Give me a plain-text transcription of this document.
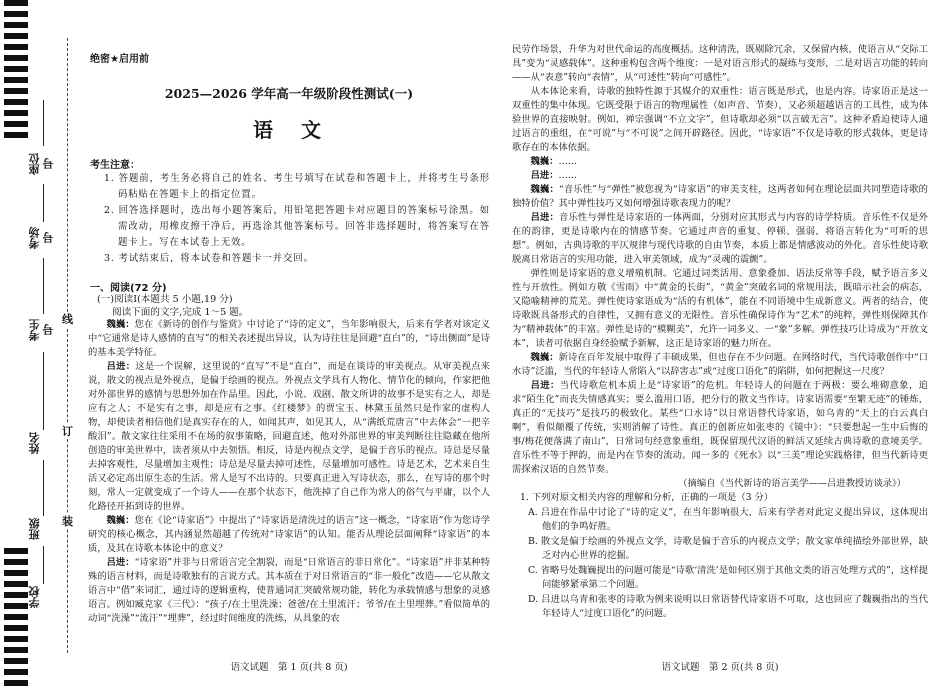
座位号
考场号
考生号
姓名
班级
学校
线
订
装
绝密★启用前
2025—2026 学年高一年级阶段性测试(一)
语　文
考生注意：
1. 答题前，考生务必将自己的姓名、考生号填写在试卷和答题卡上，并将考生号条形码粘贴在答题卡上的指定位置。
2. 回答选择题时，选出每小题答案后，用铅笔把答题卡对应题目的答案标号涂黑。如需改动，用橡皮擦干净后，再选涂其他答案标号。回答非选择题时，将答案写在答题卡上。写在本试卷上无效。
3. 考试结束后，将本试卷和答题卡一并交回。
一、阅读(72 分)
(一)阅读Ⅰ(本题共 5 小题,19 分)
阅读下面的文字,完成 1～5 题。

魏巍：您在《新诗的创作与鉴赏》中讨论了“诗的定义”，当年影响很大，后来有学者对该定义中“它通常是诗人感情的直写”的相关表述提出异议，认为诗往往是回避“直白”的，“诗出侧面”是诗的基本美学特征。

吕进：这是一个误解，这里说的“直写”不是“直白”，而是在谈诗的审美视点。从审美视点来说，散文的视点是外视点，是偏于绘画的视点。外视点文学具有人物化、情节化的倾向，作家把他对外部世界的感情与思想外加在作品里。因此，小说、戏剧、散文所讲的故事不是实有之人，却是应有之人；不是实有之事，却是应有之事。《红楼梦》的贾宝玉、林黛玉虽然只是作家的虚构人物，却使读者相信他们是真实存在的人，如闻其声，如见其人，从“满纸荒唐言”中去体会“一把辛酸泪”。散文家往往采用不在场的叙事策略，回避直述，他对外部世界的审美判断往往隐藏在他所创造的审美世界中，读者须从中去领悟。相反，诗是内视点文学，是偏于音乐的视点。诗总是尽量去掉客观性，尽量增加主观性；诗总是尽量去掉可述性，尽量增加可感性。诗是艺术，艺术来自生活又必定高出原生态的生活。常人是写不出诗的。只要真正进入写诗状态，那么，在写诗的那个时刻，常人一定就变成了一个诗人——在那个状态下，他洗掉了自己作为常人的俗气与平庸，以个人化路径开拓到诗的世界。

魏巍：您在《论“诗家语”》中提出了“诗家语是清洗过的语言”这一概念，“诗家语”作为您诗学研究的核心概念，其内涵显然超越了传统对“诗家语”的认知。能否从理论层面阐释“诗家语”的本质，及其在诗歌本体论中的意义？

吕进：“诗家语”并非与日常语言完全割裂，而是“日常语言的非日常化”。“诗家语”并非某种特殊的语言材料，而是诗歌独有的言说方式。其本质在于对日常语言的“非一般化”改造——它从散文语言中“借”来词汇，通过诗的逻辑重构，使普通词汇突破常规功能，转化为承载情感与想象的灵感语言。例如臧克家《三代》：“孩子/在土里洗澡；爸爸/在土里流汗；爷爷/在土里埋葬。”看似简单的动词“洗澡”“流汗”“埋葬”，经过时间维度的洗练，从具象的农

语文试题　第 1 页(共 8 页)

民劳作场景，升华为对世代命运的高度概括。这种清洗，既剔除冗余，又保留内核，使语言从“交际工具”变为“灵感载体”。这种重构包含两个维度：一是对语言形式的凝练与变形，二是对语言功能的转向——从“表意”转向“表情”，从“可述性”转向“可感性”。

从本体论来看，诗歌的独特性源于其媒介的双重性：语言既是形式，也是内容。诗家语正是这一双重性的集中体现。它既受限于语言的物理属性（如声音、节奏），又必须超越语言的工具性，成为体验世界的直接映射。例如，禅宗强调“不立文字”，但诗歌却必须“以言破无言”。这种矛盾迫使诗人通过语言的重组，在“可说”与“不可说”之间开辟路径。因此，“诗家语”不仅是诗歌的形式载体，更是诗歌存在的本体依据。

魏巍：……

吕进：……

魏巍：“音乐性”与“弹性”被您视为“诗家语”的审美支柱，这两者如何在理论层面共同塑造诗歌的独特价值？其中弹性技巧又如何增强诗歌表现力的呢？

吕进：音乐性与弹性是诗家语的一体两面，分别对应其形式与内容的诗学特质。音乐性不仅是外在的韵律，更是诗歌内在的情感节奏。它通过声音的重复、停顿、强弱，将语言转化为“可听的思想”。例如，古典诗歌的平仄规律与现代诗歌的自由节奏，本质上都是情感波动的外化。音乐性使诗歌脱离日常语言的实用功能，进入审美领域，成为“灵魂的震颤”。

弹性则是诗家语的意义增殖机制。它通过词类活用、意象叠加、语法反常等手段，赋予语言多义性与开放性。例如方敬《雪雨》中“黄金的长街”，“黄金”突破名词的常规用法，既暗示社会的病态，又隐喻精神的荒芜。弹性使诗家语成为“活的有机体”，能在不同语境中生成新意义。两者的结合，使诗歌既具备形式的自律性，又拥有意义的无限性。音乐性确保诗作为“艺术”的纯粹，弹性则保障其作为“精神载体”的丰富。弹性是诗的“模糊美”，允许一词多义、一“象”多解。弹性技巧让诗成为“开放文本”，读者可依据自身经验赋予新解，这正是诗家语的魅力所在。

魏巍：新诗在百年发展中取得了丰硕成果，但也存在不少问题。在网络时代，当代诗歌创作中“口水诗”泛滥，当代的年轻诗人常陷入“以辞害志”或“过度口语化”的陷阱，如何把握这一尺度？

吕进：当代诗歌危机本质上是“诗家语”的危机。年轻诗人的问题在于两极：要么堆砌意象，追求“陌生化”而丧失情感真实；要么滥用口语，把分行的散文当作诗。诗家语需要“至繁无迹”的锤炼，真正的“无技巧”是技巧的极致化。某些“口水诗”以日常语替代诗家语，如乌青的“天上的白云真白啊”，看似颠覆了传统，实则消解了诗性。真正的创新应如张枣的《镜中》：“只要想起一生中后悔的事/梅花便落满了南山”，日常词句经意象重组，既保留现代汉语的鲜活又延续古典诗歌的意境美学。音乐性不等于押韵，而是内在节奏的流动。闻一多的《死水》以“三美”理论实践格律，但当代新诗更需探索汉语的自然节奏。

（摘编自《当代新诗的语言美学——吕进教授访谈录》）

1. 下列对原文相关内容的理解和分析，正确的一项是（3 分）

A. 吕进在作品中讨论了“诗的定义”，在当年影响很大，后来有学者对此定义提出异议，这体现出他们的争鸣好胜。

B. 散文是偏于绘画的外视点文学，诗歌是偏于音乐的内视点文学；散文家单纯描绘外部世界，缺乏对内心世界的挖掘。

C. 省略号处魏巍提出的问题可能是“诗歌‘清洗’是如何区别于其他文类的语言处理方式的”，这样提问能够紧承第二个问题。

D. 吕进以乌青和张枣的诗歌为例来说明以日常语替代诗家语不可取，这也回应了魏巍指出的当代年轻诗人“过度口语化”的问题。

语文试题　第 2 页(共 8 页)
